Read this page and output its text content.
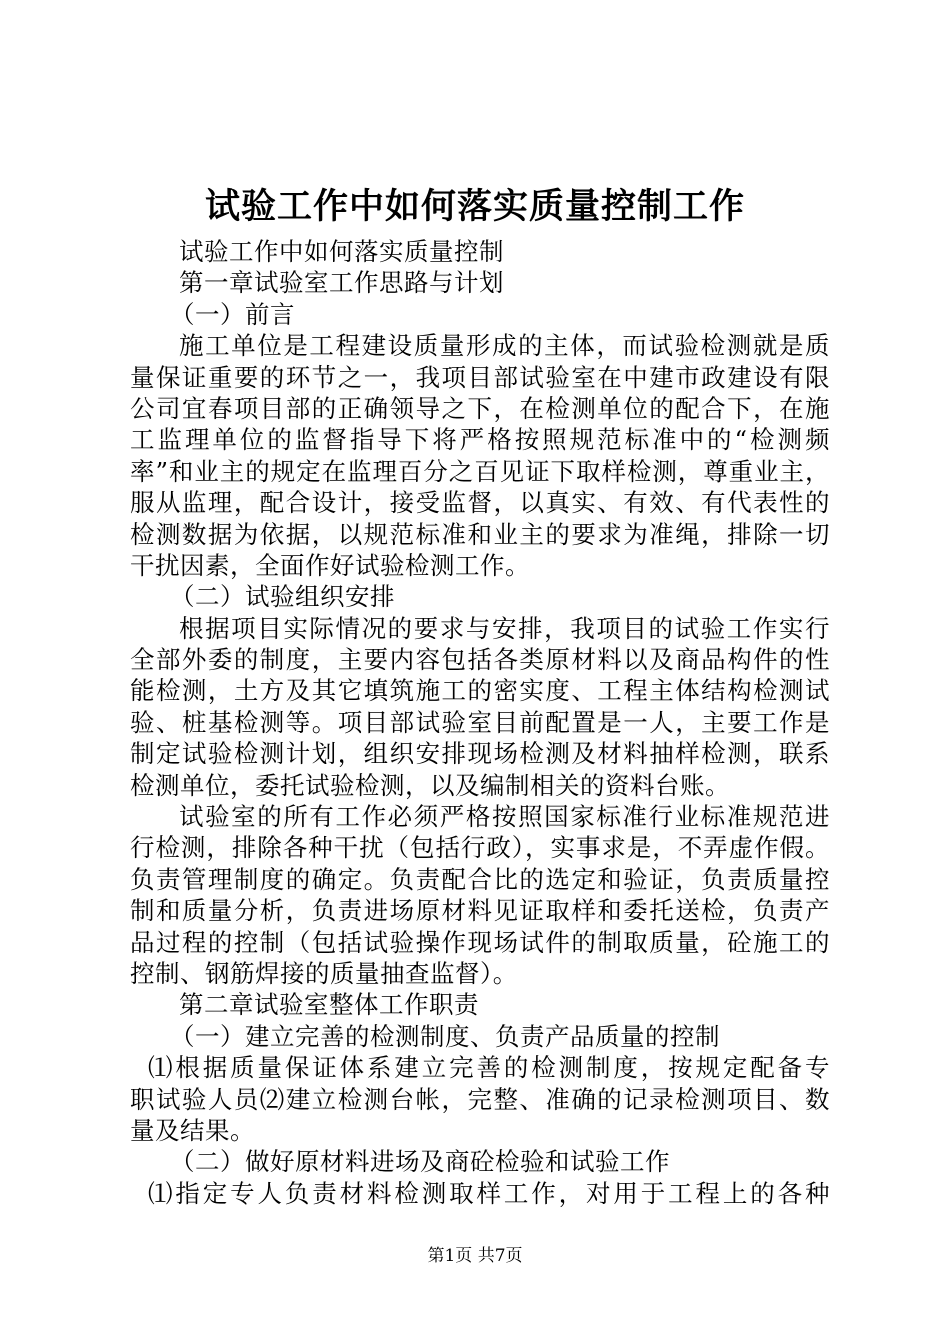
试验工作中如何落实质量控制工作
试验工作中如何落实质量控制
第一章试验室工作思路与计划
（一）前言
施工单位是工程建设质量形成的主体，而试验检测就是质
量保证重要的环节之一，我项目部试验室在中建市政建设有限
公司宜春项目部的正确领导之下，在检测单位的配合下，在施
工监理单位的监督指导下将严格按照规范标准中的“检测频
率”和业主的规定在监理百分之百见证下取样检测，尊重业主，
服从监理，配合设计，接受监督，以真实、有效、有代表性的
检测数据为依据，以规范标准和业主的要求为准绳，排除一切
干扰因素，全面作好试验检测工作。
（二）试验组织安排
根据项目实际情况的要求与安排，我项目的试验工作实行
全部外委的制度，主要内容包括各类原材料以及商品构件的性
能检测，土方及其它填筑施工的密实度、工程主体结构检测试
验、桩基检测等。项目部试验室目前配置是一人，主要工作是
制定试验检测计划，组织安排现场检测及材料抽样检测，联系
检测单位，委托试验检测，以及编制相关的资料台账。
试验室的所有工作必须严格按照国家标准行业标准规范进
行检测，排除各种干扰（包括行政），实事求是，不弄虚作假。
负责管理制度的确定。负责配合比的选定和验证，负责质量控
制和质量分析，负责进场原材料见证取样和委托送检，负责产
品过程的控制（包括试验操作现场试件的制取质量，砼施工的
控制、钢筋焊接的质量抽查监督）。
第二章试验室整体工作职责
（一）建立完善的检测制度、负责产品质量的控制
⑴根据质量保证体系建立完善的检测制度，按规定配备专
职试验人员⑵建立检测台帐，完整、准确的记录检测项目、数
量及结果。
（二）做好原材料进场及商砼检验和试验工作
⑴指定专人负责材料检测取样工作，对用于工程上的各种
第1页 共7页
